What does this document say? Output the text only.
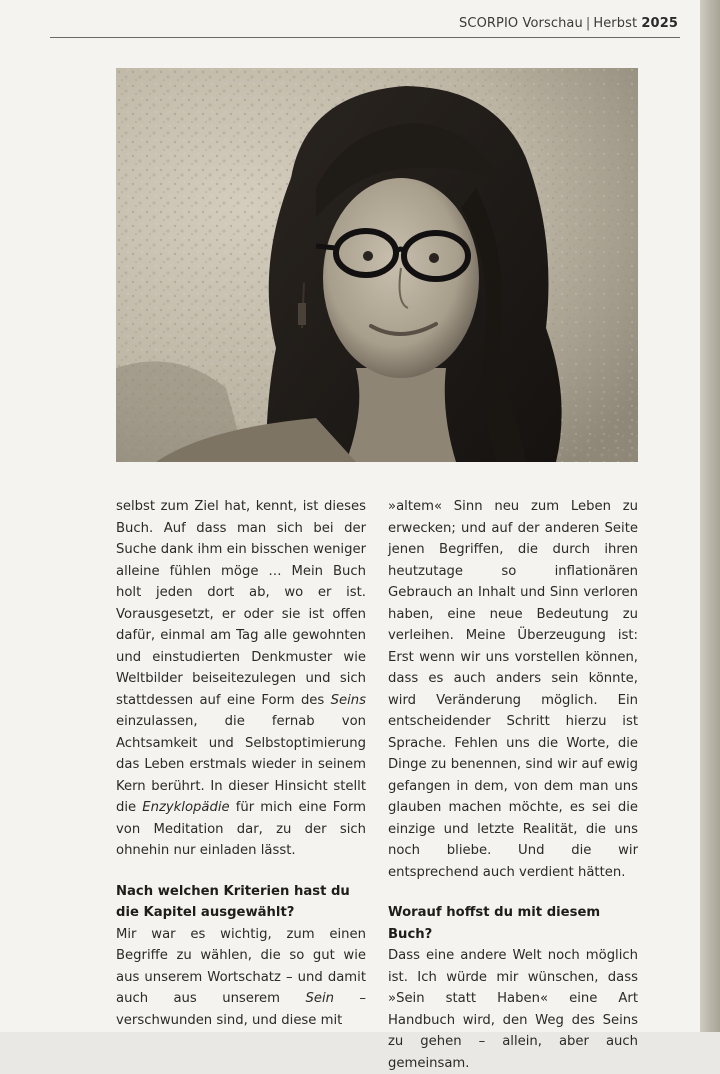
SCORPIO Vorschau | Herbst 2025

selbst zum Ziel hat, kennt, ist dieses Buch. Auf dass man sich bei der Suche dank ihm ein bisschen weniger alleine fühlen möge … Mein Buch holt jeden dort ab, wo er ist. Vorausgesetzt, er oder sie ist offen dafür, einmal am Tag alle gewohnten und einstudierten Denkmuster wie Weltbilder beiseitezulegen und sich stattdessen auf eine Form des Seins einzulassen, die fernab von Achtsamkeit und Selbstoptimierung das Leben erstmals wieder in seinem Kern berührt. In dieser Hinsicht stellt die Enzyklopädie für mich eine Form von Meditation dar, zu der sich ohnehin nur einladen lässt.

Nach welchen Kriterien hast du die Kapitel ausgewählt?

Mir war es wichtig, zum einen Begriffe zu wählen, die so gut wie aus unserem Wortschatz – und damit auch aus unserem Sein – verschwunden sind, und diese mit

»altem« Sinn neu zum Leben zu erwecken; und auf der anderen Seite jenen Begriffen, die durch ihren heutzutage so inflationären Gebrauch an Inhalt und Sinn verloren haben, eine neue Bedeutung zu verleihen. Meine Überzeugung ist: Erst wenn wir uns vorstellen können, dass es auch anders sein könnte, wird Veränderung möglich. Ein entscheidender Schritt hierzu ist Sprache. Fehlen uns die Worte, die Dinge zu benennen, sind wir auf ewig gefangen in dem, von dem man uns glauben machen möchte, es sei die einzige und letzte Realität, die uns noch bliebe. Und die wir entsprechend auch verdient hätten.

Worauf hoffst du mit diesem Buch?

Dass eine andere Welt noch möglich ist. Ich würde mir wünschen, dass »Sein statt Haben« eine Art Handbuch wird, den Weg des Seins zu gehen – allein, aber auch gemeinsam.
